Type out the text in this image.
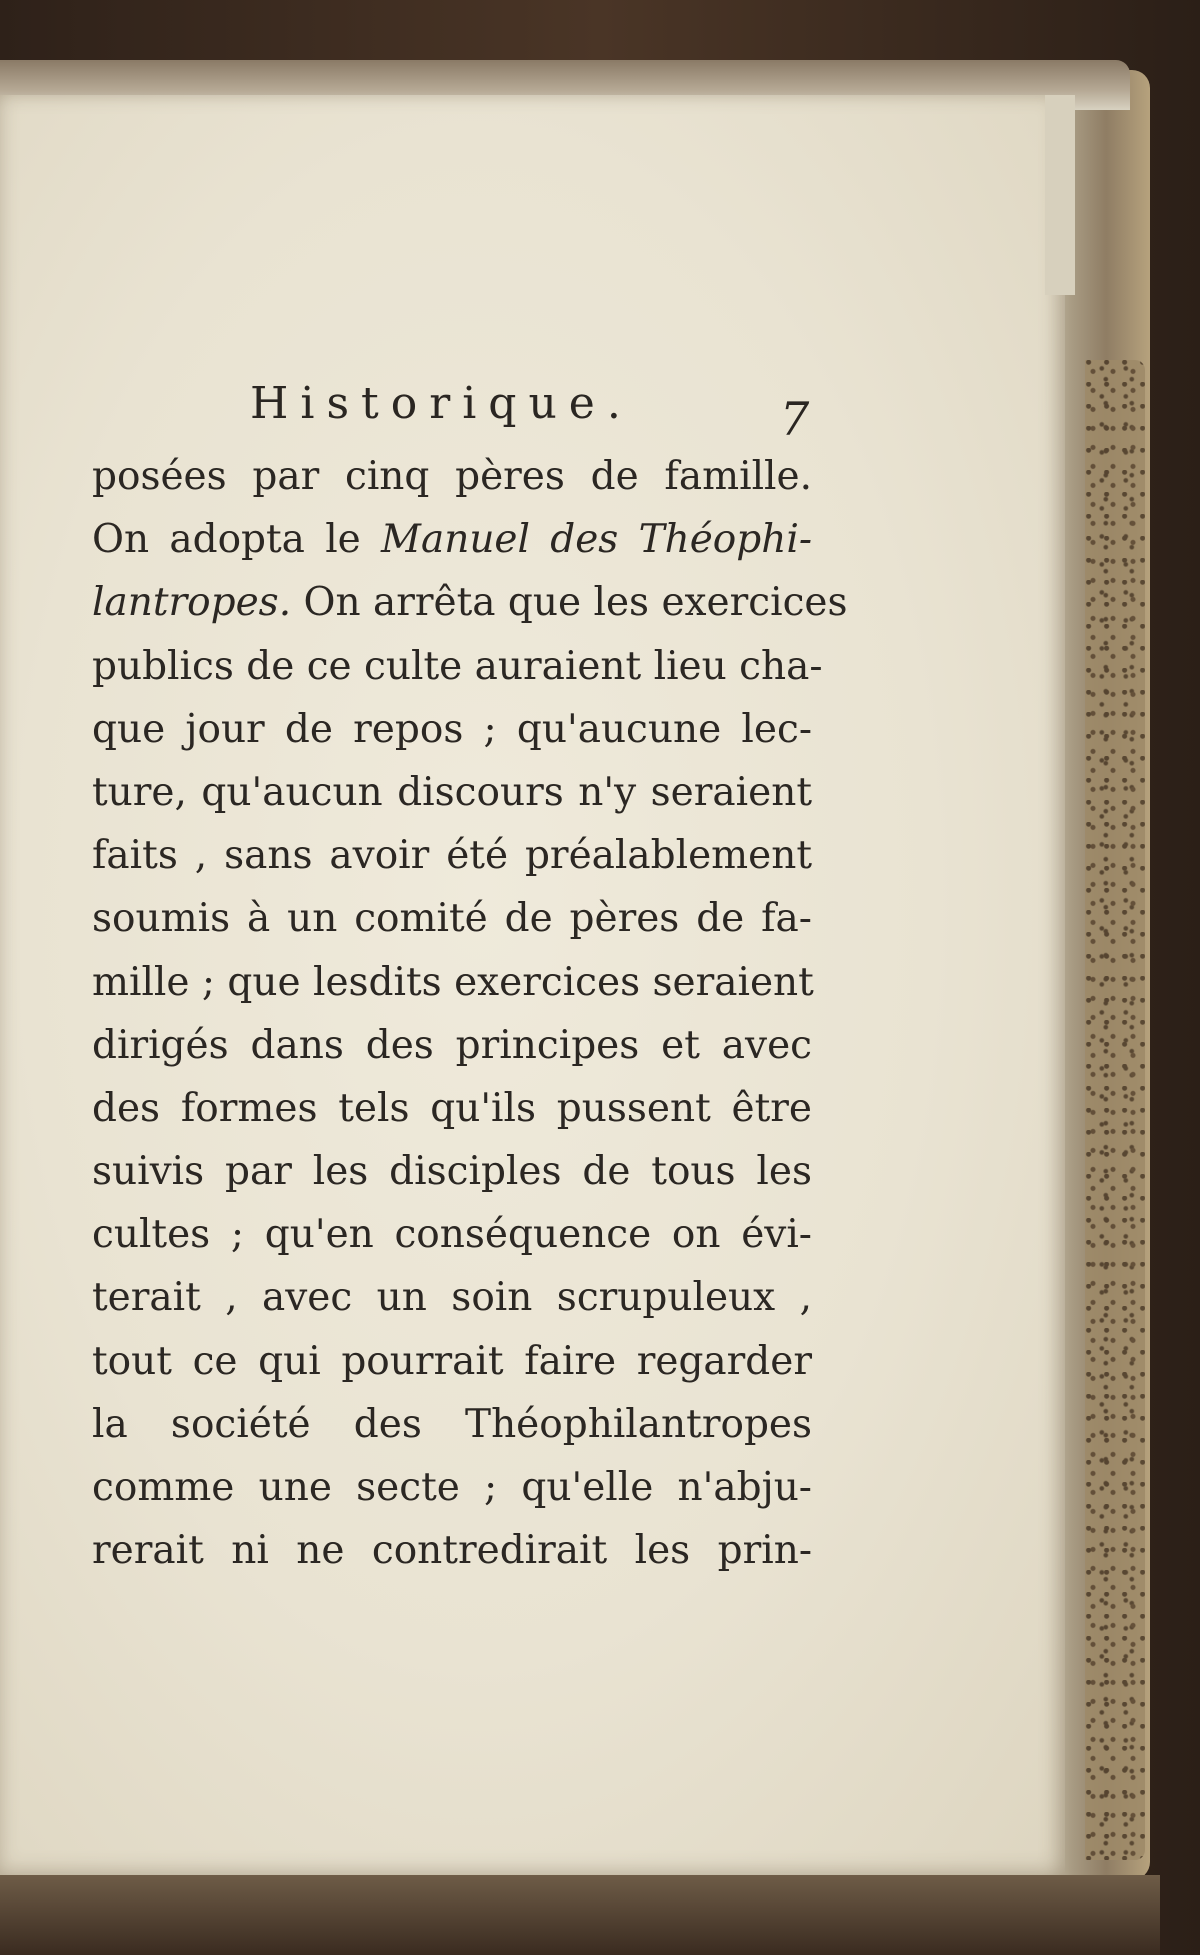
Historique.	7
posées par cinq pères de famille.
On adopta le Manuel des Théophi-
lantropes. On arrêta que les exercices
publics de ce culte auraient lieu cha-
que jour de repos ; qu'aucune lec-
ture, qu'aucun discours n'y seraient
faits , sans avoir été préalablement
soumis à un comité de pères de fa-
mille ; que lesdits exercices seraient
dirigés dans des principes et avec
des formes tels qu'ils pussent être
suivis par les disciples de tous les
cultes ; qu'en conséquence on évi-
terait , avec un soin scrupuleux ,
tout ce qui pourrait faire regarder
la société des Théophilantropes
comme une secte ; qu'elle n'abju-
rerait ni ne contredirait les prin-
